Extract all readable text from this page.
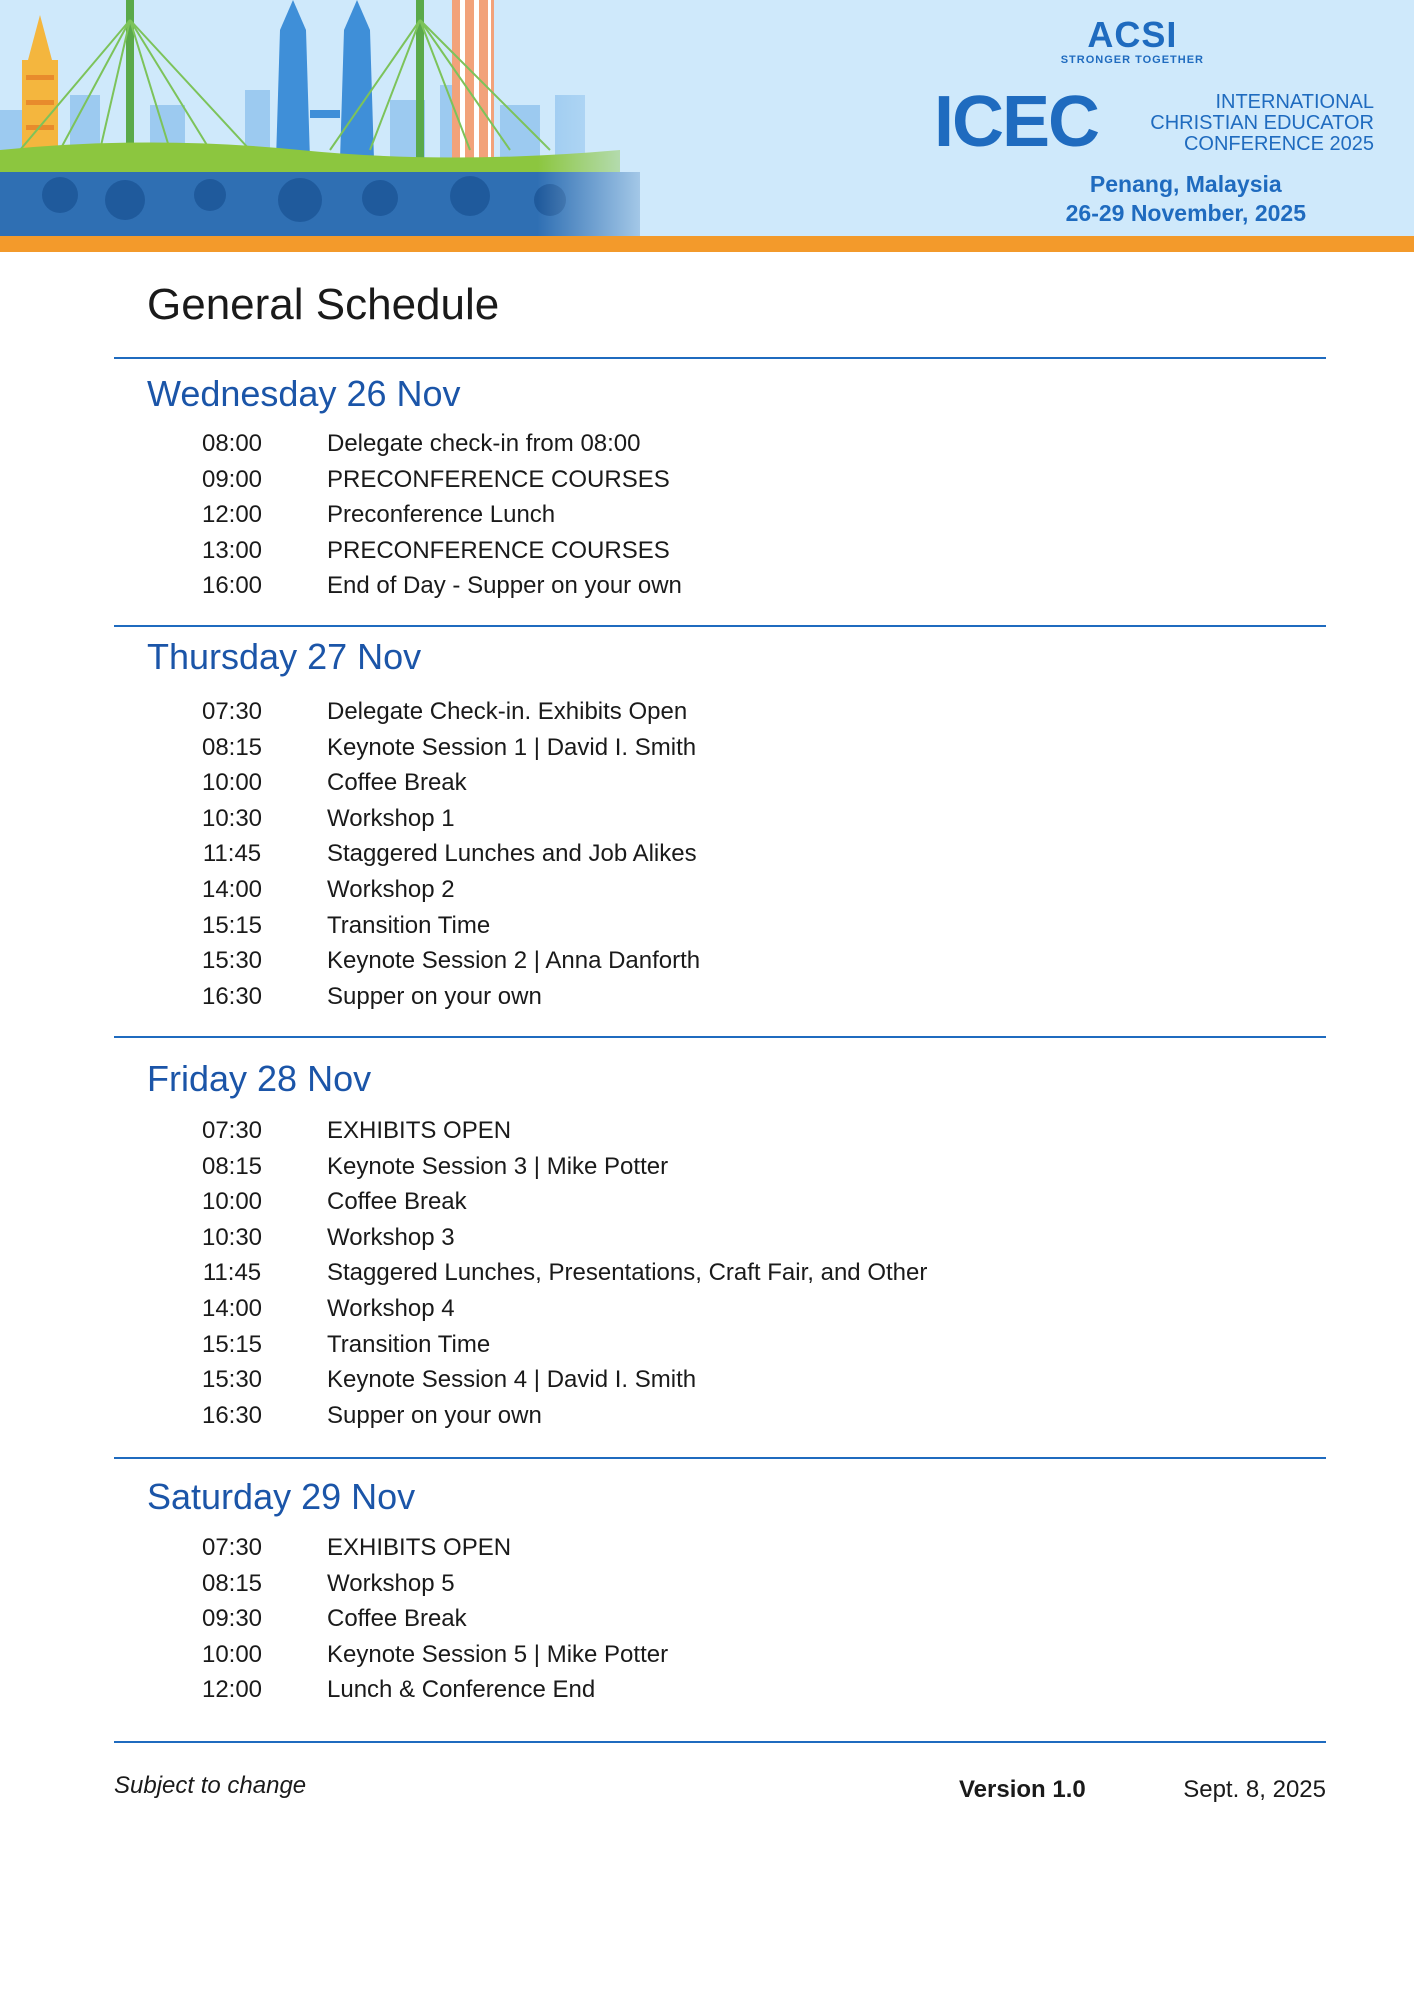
ACSI
STRONGER TOGETHER
ICEC	INTERNATIONAL
CHRISTIAN EDUCATOR
CONFERENCE 2025
Penang, Malaysia
26-29 November, 2025
General Schedule
Wednesday 26 Nov
08:00	Delegate check-in from 08:00
09:00	PRECONFERENCE COURSES
12:00	Preconference Lunch
13:00	PRECONFERENCE COURSES
16:00	End of Day - Supper on your own
Thursday 27 Nov
07:30	Delegate Check-in. Exhibits Open
08:15	Keynote Session 1 | David I. Smith
10:00	Coffee Break
10:30	Workshop 1
11:45	Staggered Lunches and Job Alikes
14:00	Workshop 2
15:15	Transition Time
15:30	Keynote Session 2 | Anna Danforth
16:30	Supper on your own
Friday 28 Nov
07:30	EXHIBITS OPEN
08:15	Keynote Session 3 | Mike Potter
10:00	Coffee Break
10:30	Workshop 3
11:45	Staggered Lunches, Presentations, Craft Fair, and Other
14:00	Workshop 4
15:15	Transition Time
15:30	Keynote Session 4 | David I. Smith
16:30	Supper on your own
Saturday 29 Nov
07:30	EXHIBITS OPEN
08:15	Workshop 5
09:30	Coffee Break
10:00	Keynote Session 5 | Mike Potter
12:00	Lunch & Conference End
Subject to change	Version 1.0	Sept. 8, 2025
